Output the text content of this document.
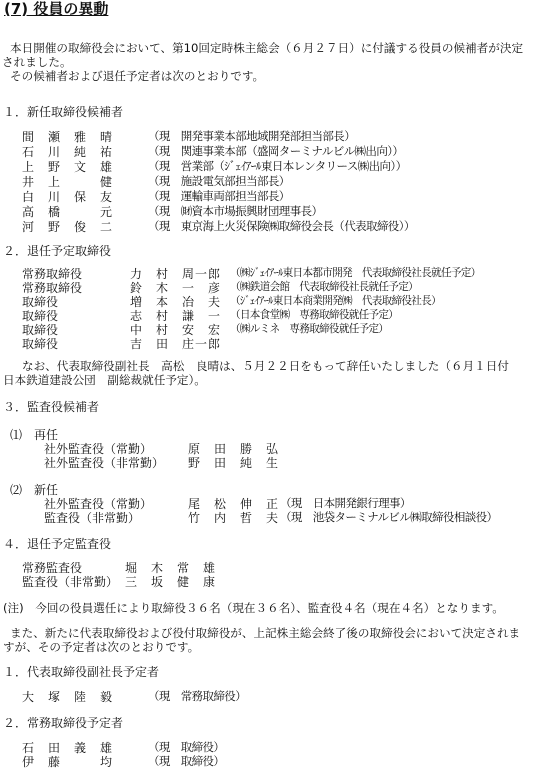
(7) 役員の異動
本日開催の取締役会において、第10回定時株主総会（６月２７日）に付議する役員の候補者が決定
されました。
その候補者および退任予定者は次のとおりです。
１．新任取締役候補者
間　瀬　雅　晴	（現　開発事業本部地域開発部担当部長）
石　川　純　祐	（現　関連事業本部（盛岡ターミナルビル㈱出向））
上　野　文　雄	（現　営業部（ｼﾞｪｲｱｰﾙ東日本レンタリース㈱出向））
井　上　　　健	（現　施設電気部担当部長）
白　川　保　友	（現　運輸車両部担当部長）
高　橋　　　元	（現　㈶資本市場振興財団理事長）
河　野　俊　二	（現　東京海上火災保険㈱取締役会長（代表取締役））
２．退任予定取締役
常務取締役	力　村　周一郎 （㈱ｼﾞｪｲｱｰﾙ東日本都市開発　代表取締役社長就任予定）
常務取締役	鈴　木　一　彦 （㈱鉄道会館　代表取締役社長就任予定）
取締役	増　本　冶　夫 （ｼﾞｪｲｱｰﾙ東日本商業開発㈱　代表取締役社長）
取締役	志　村　謙　一 （日本食堂㈱　専務取締役就任予定）
取締役	中　村　安　宏 （㈱ルミネ　専務取締役就任予定）
取締役	吉　田　庄一郎
なお、代表取締役副社長　高松　良晴は、５月２２日をもって辞任いたしました（６月１日付
日本鉄道建設公団　副総裁就任予定）。
３．監査役候補者
⑴　再任
社外監査役（常勤）	原　田　勝　弘
社外監査役（非常勤） 野　田　純　生
⑵　新任
社外監査役（常勤）	尾　松　伸　正 （現　日本開発銀行理事）
監査役（非常勤）	竹　内　哲　夫 （現　池袋ターミナルビル㈱取締役相談役）
４．退任予定監査役
常務監査役	堀　木　常　雄
監査役（非常勤） 三　坂　健　康
(注)　今回の役員選任により取締役３６名（現在３６名）、監査役４名（現在４名）となります。
また、新たに代表取締役および役付取締役が、上記株主総会終了後の取締役会において決定されま
すが、その予定者は次のとおりです。
１．代表取締役副社長予定者
大　塚　陸　毅	（現　常務取締役）
２．常務取締役予定者
石　田　義　雄	（現　取締役）
伊　藤　　　均	（現　取締役）
